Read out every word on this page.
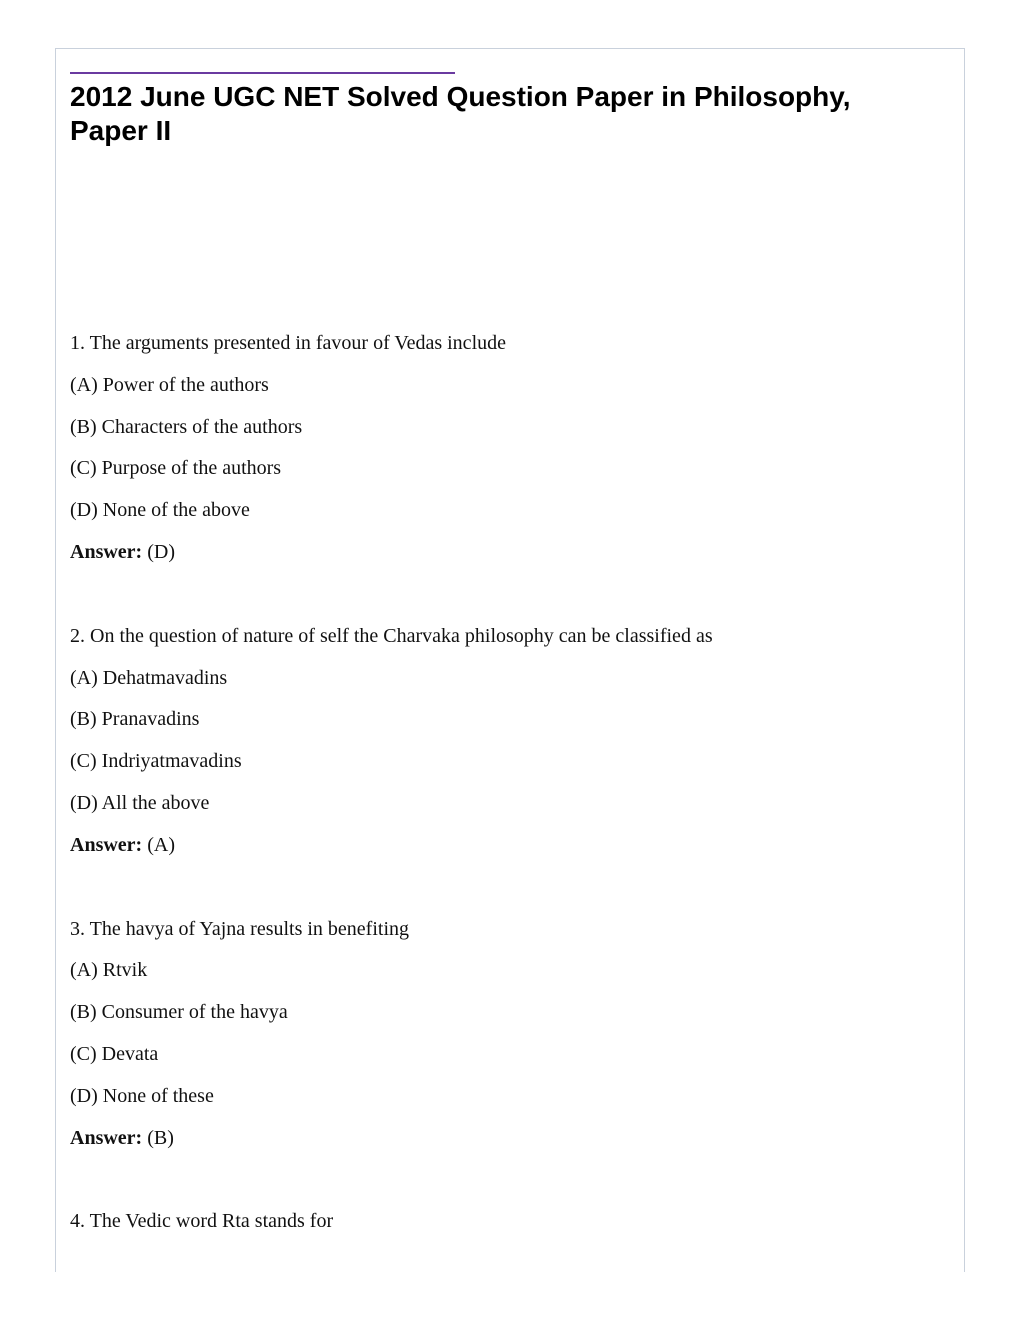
2012 June UGC NET Solved Question Paper in Philosophy, Paper II
1. The arguments presented in favour of Vedas include
(A) Power of the authors
(B) Characters of the authors
(C) Purpose of the authors
(D) None of the above
Answer: (D)
2. On the question of nature of self the Charvaka philosophy can be classified as
(A) Dehatmavadins
(B) Pranavadins
(C) Indriyatmavadins
(D) All the above
Answer: (A)
3. The havya of Yajna results in benefiting
(A) Rtvik
(B) Consumer of the havya
(C) Devata
(D) None of these
Answer: (B)
4. The Vedic word Rta stands for
